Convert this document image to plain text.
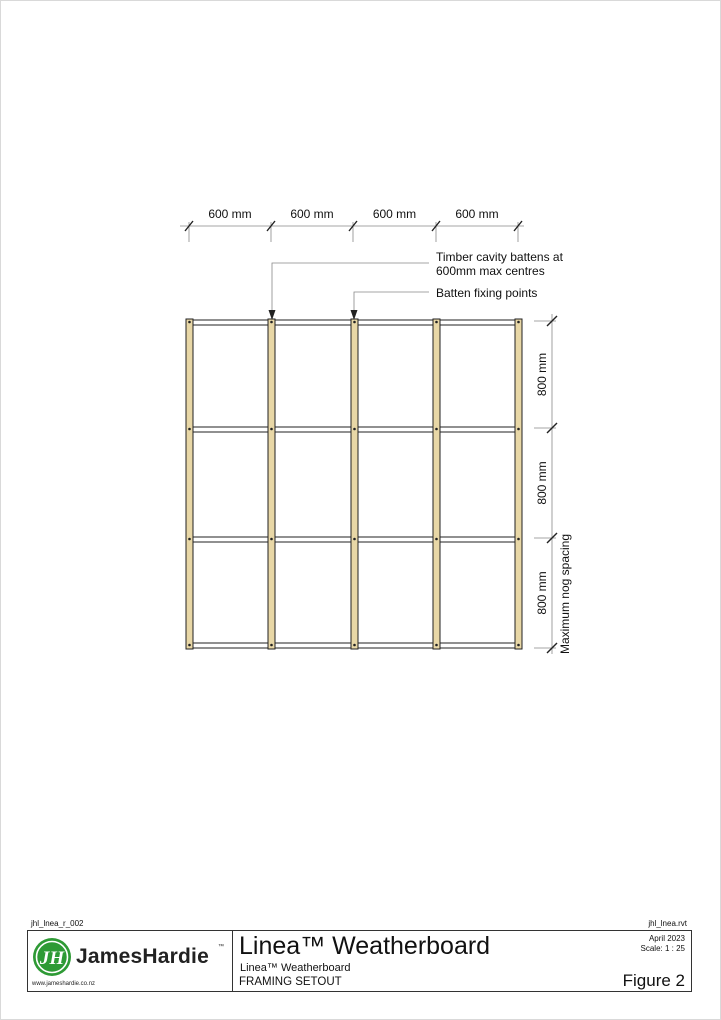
600 mm	600 mm	600 mm	600 mm
800 mm
800 mm
800 mm
Timber cavity battens at
600mm max centres
Batten fixing points
Maximum nog spacing
jhl_lnea_r_002	jhl_lnea.rvt
JH JamesHardie ™
www.jameshardie.co.nz
Linea™ Weatherboard
Linea™ Weatherboard
FRAMING SETOUT
April 2023
Scale: 1 : 25
Figure 2
